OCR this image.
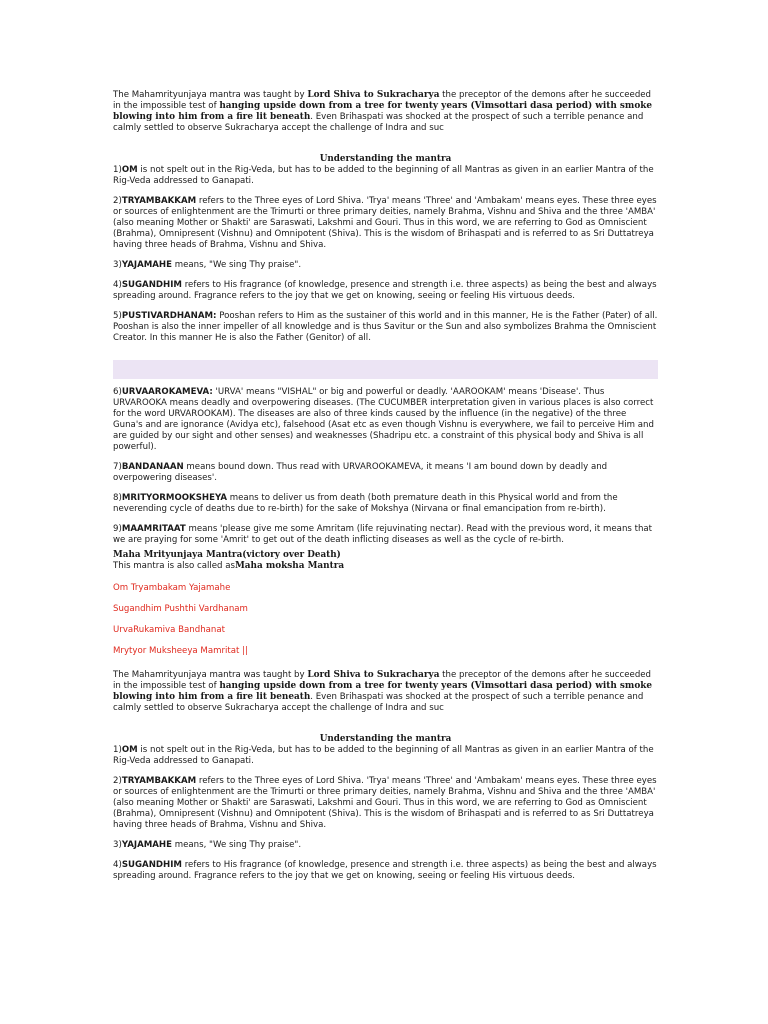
The Mahamrityunjaya mantra was taught by Lord Shiva to Sukracharya the preceptor of the demons after he succeeded in the impossible test of hanging upside down from a tree for twenty years (Vimsottari dasa period) with smoke blowing into him from a fire lit beneath. Even Brihaspati was shocked at the prospect of such a terrible penance and calmly settled to observe Sukracharya accept the challenge of Indra and suc

Understanding the mantra

1)OM is not spelt out in the Rig-Veda, but has to be added to the beginning of all Mantras as given in an earlier Mantra of the Rig-Veda addressed to Ganapati.

2)TRYAMBAKKAM refers to the Three eyes of Lord Shiva. 'Trya' means 'Three' and 'Ambakam' means eyes. These three eyes or sources of enlightenment are the Trimurti or three primary deities, namely Brahma, Vishnu and Shiva and the three 'AMBA' (also meaning Mother or Shakti' are Saraswati, Lakshmi and Gouri. Thus in this word, we are referring to God as Omniscient (Brahma), Omnipresent (Vishnu) and Omnipotent (Shiva). This is the wisdom of Brihaspati and is referred to as Sri Duttatreya having three heads of Brahma, Vishnu and Shiva.

3)YAJAMAHE means, "We sing Thy praise".

4)SUGANDHIM refers to His fragrance (of knowledge, presence and strength i.e. three aspects) as being the best and always spreading around. Fragrance refers to the joy that we get on knowing, seeing or feeling His virtuous deeds.

5)PUSTIVARDHANAM: Pooshan refers to Him as the sustainer of this world and in this manner, He is the Father (Pater) of all. Pooshan is also the inner impeller of all knowledge and is thus Savitur or the Sun and also symbolizes Brahma the Omniscient Creator. In this manner He is also the Father (Genitor) of all.

6)URVAAROKAMEVA: 'URVA' means "VISHAL" or big and powerful or deadly. 'AAROOKAM' means 'Disease'. Thus URVAROOKA means deadly and overpowering diseases. (The CUCUMBER interpretation given in various places is also correct for the word URVAROOKAM). The diseases are also of three kinds caused by the influence (in the negative) of the three Guna's and are ignorance (Avidya etc), falsehood (Asat etc as even though Vishnu is everywhere, we fail to perceive Him and are guided by our sight and other senses) and weaknesses (Shadripu etc. a constraint of this physical body and Shiva is all powerful).

7)BANDANAAN means bound down. Thus read with URVAROOKAMEVA, it means 'I am bound down by deadly and overpowering diseases'.

8)MRITYORMOOKSHEYA means to deliver us from death (both premature death in this Physical world and from the neverending cycle of deaths due to re-birth) for the sake of Mokshya (Nirvana or final emancipation from re-birth).

9)MAAMRITAAT means 'please give me some Amritam (life rejuvinating nectar). Read with the previous word, it means that we are praying for some 'Amrit' to get out of the death inflicting diseases as well as the cycle of re-birth.

Maha Mrityunjaya Mantra(victory over Death)

This mantra is also called asMaha moksha Mantra

Om Tryambakam Yajamahe

Sugandhim Pushthi Vardhanam

UrvaRukamiva Bandhanat

Mrytyor Muksheeya Mamritat ||

The Mahamrityunjaya mantra was taught by Lord Shiva to Sukracharya the preceptor of the demons after he succeeded in the impossible test of hanging upside down from a tree for twenty years (Vimsottari dasa period) with smoke blowing into him from a fire lit beneath. Even Brihaspati was shocked at the prospect of such a terrible penance and calmly settled to observe Sukracharya accept the challenge of Indra and suc

Understanding the mantra

1)OM is not spelt out in the Rig-Veda, but has to be added to the beginning of all Mantras as given in an earlier Mantra of the Rig-Veda addressed to Ganapati.

2)TRYAMBAKKAM refers to the Three eyes of Lord Shiva. 'Trya' means 'Three' and 'Ambakam' means eyes. These three eyes or sources of enlightenment are the Trimurti or three primary deities, namely Brahma, Vishnu and Shiva and the three 'AMBA' (also meaning Mother or Shakti' are Saraswati, Lakshmi and Gouri. Thus in this word, we are referring to God as Omniscient (Brahma), Omnipresent (Vishnu) and Omnipotent (Shiva). This is the wisdom of Brihaspati and is referred to as Sri Duttatreya having three heads of Brahma, Vishnu and Shiva.

3)YAJAMAHE means, "We sing Thy praise".

4)SUGANDHIM refers to His fragrance (of knowledge, presence and strength i.e. three aspects) as being the best and always spreading around. Fragrance refers to the joy that we get on knowing, seeing or feeling His virtuous deeds.
